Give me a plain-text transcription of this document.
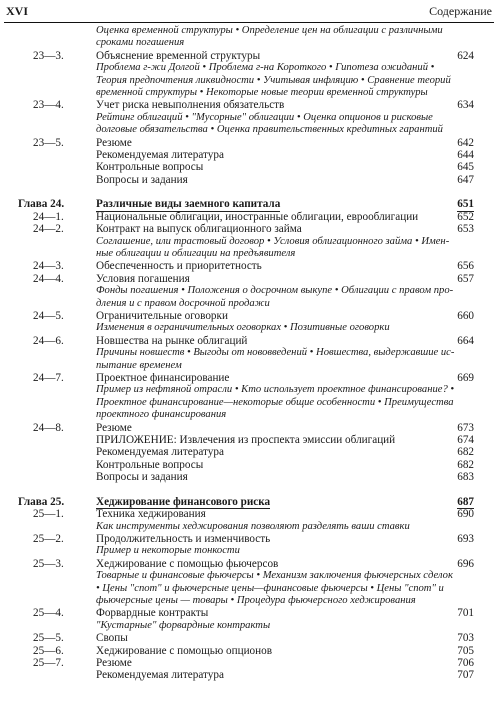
XVI	Содержание
Оценка временной структуры • Определение цен на облигации с различными
сроками погашения
23—3.	Объяснение временной структуры	624
Проблема г-жи Долгой • Проблема г-на Короткого • Гипотеза ожиданий •
Теория предпочтения ликвидности • Учитывая инфляцию • Сравнение теорий
временной структуры • Некоторые новые теории временной структуры
23—4.	Учет риска невыполнения обязательств	634
Рейтинг облигаций • "Мусорные" облигации • Оценка опционов и рисковые
долговые обязательства • Оценка правительственных кредитных гарантий
23—5.	Резюме	642
Рекомендуемая литература	644
Контрольные вопросы	645
Вопросы и задания	647
Глава 24.	Различные виды заемного капитала	651
24—1.	Национальные облигации, иностранные облигации, еврооблигации	652
24—2.	Контракт на выпуск облигационного займа	653
Соглашение, или трастовый договор • Условия облигационного займа • Имен-
ные облигации и облигации на предъявителя
24—3.	Обеспеченность и приоритетность	656
24—4.	Условия погашения	657
Фонды погашения • Положения о досрочном выкупе • Облигации с правом про-
дления и с правом досрочной продажи
24—5.	Ограничительные оговорки	660
Изменения в ограничительных оговорках • Позитивные оговорки
24—6.	Новшества на рынке облигаций	664
Причины новшеств • Выгоды от нововведений • Новшества, выдержавшие ис-
пытание временем
24—7.	Проектное финансирование	669
Пример из нефтяной отрасли • Кто использует проектное финансирование? •
Проектное финансирование—некоторые общие особенности • Преимущества
проектного финансирования
24—8.	Резюме	673
ПРИЛОЖЕНИЕ: Извлечения из проспекта эмиссии облигаций	674
Рекомендуемая литература	682
Контрольные вопросы	682
Вопросы и задания	683
Глава 25.	Хеджирование финансового риска	687
25—1.	Техника хеджирования	690
Как инструменты хеджирования позволяют разделять ваши ставки
25—2.	Продолжительность и изменчивость	693
Пример и некоторые тонкости
25—3.	Хеджирование с помощью фьючерсов	696
Товарные и финансовые фьючерсы • Механизм заключения фьючерсных сделок
• Цены "спот" и фьючерсные цены—финансовые фьючерсы • Цены "спот" и
фьючерсные цены — товары • Процедура фьючерсного хеджирования
25—4.	Форвардные контракты	701
"Кустарные" форвардные контракты
25—5.	Свопы	703
25—6.	Хеджирование с помощью опционов	705
25—7.	Резюме	706
Рекомендуемая литература	707
